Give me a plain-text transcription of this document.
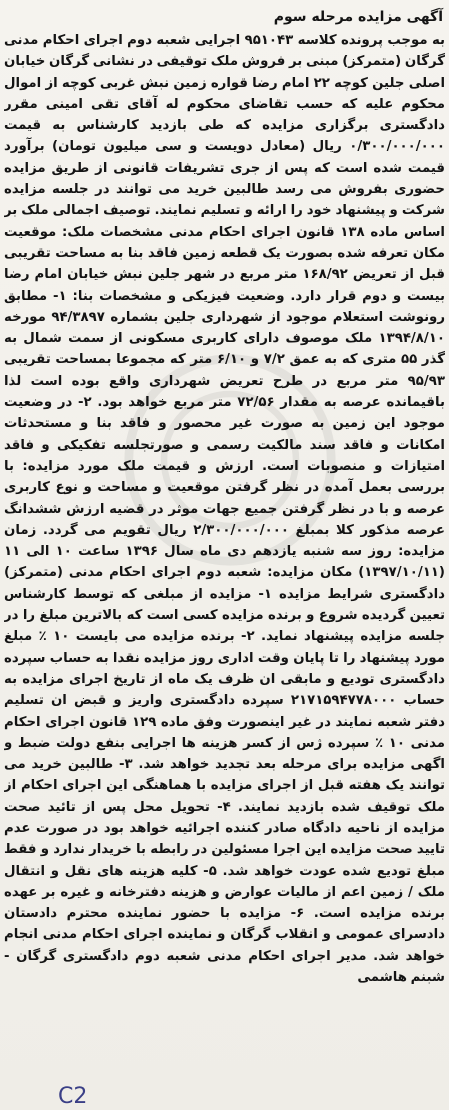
آگهی مزایده مرحله سوم

به موجب پرونده کلاسه ۹۵۱۰۴۳ اجرایی شعبه دوم اجرای احکام مدنی گرگان (متمرکز) مبنی بر فروش ملک توقیفی در نشانی گرگان خیابان اصلی جلین کوچه ۲۲ امام رضا قواره زمین نبش غربی کوچه از اموال محکوم علیه که حسب تقاضای محکوم له آقای تقی امینی مقرر دادگستری برگزاری مزایده که طی بازدید کارشناس به قیمت ۰/۳۰۰/۰۰۰/۰۰۰ ریال (معادل دویست و سی میلیون تومان) برآورد قیمت شده است که پس از جری تشریفات قانونی از طریق مزایده حضوری بفروش می رسد طالبین خرید می توانند در جلسه مزایده شرکت و پیشنهاد خود را ارائه و تسلیم نمایند. توصیف اجمالی ملک بر اساس ماده ۱۳۸ قانون اجرای احکام مدنی مشخصات ملک: موقعیت مکان تعرفه شده بصورت یک قطعه زمین فاقد بنا به مساحت تقریبی قبل از تعریض ۱۶۸/۹۲ متر مربع در شهر جلین نبش خیابان امام رضا بیست و دوم قرار دارد. وضعیت فیزیکی و مشخصات بنا: ۱- مطابق رونوشت استعلام موجود از شهرداری جلین بشماره ۹۴/۳۸۹۷ مورخه ۱۳۹۴/۸/۱۰ ملک موصوف دارای کاربری مسکونی از سمت شمال به گذر ۵۵ متری که به عمق ۷/۲ و ۶/۱۰ متر که مجموعا بمساحت تقریبی ۹۵/۹۳ متر مربع در طرح تعریض شهرداری واقع بوده است لذا باقیمانده عرصه به مقدار ۷۲/۵۶ متر مربع خواهد بود. ۲- در وضعیت موجود این زمین به صورت غیر محصور و فاقد بنا و مستحدثات امکانات و فاقد سند مالکیت رسمی و صورتجلسه تفکیکی و فاقد امتیازات و منصوبات است. ارزش و قیمت ملک مورد مزایده: با بررسی بعمل آمده در نظر گرفتن موقعیت و مساحت و نوع کاربری عرصه و با در نظر گرفتن جمیع جهات موثر در قضیه ارزش ششدانگ عرصه مذکور کلا بمبلغ ۲/۳۰۰/۰۰۰/۰۰۰ ریال تقویم می گردد. زمان مزایده: روز سه شنبه یازدهم دی ماه سال ۱۳۹۶ ساعت ۱۰ الی ۱۱ (۱۳۹۷/۱۰/۱۱) مکان مزایده: شعبه دوم اجرای احکام مدنی (متمرکز) دادگستری شرایط مزایده ۱- مزایده از مبلغی که توسط کارشناس تعیین گردیده شروع و برنده مزایده کسی است که بالاترین مبلغ را در جلسه مزایده پیشنهاد نماید. ۲- برنده مزایده می بایست ۱۰ ٪ مبلغ مورد پیشنهاد را تا پایان وقت اداری روز مزایده نقدا به حساب سپرده دادگستری تودیع و مابقی ان ظرف یک ماه از تاریخ اجرای مزایده به حساب ۲۱۷۱۵۹۴۷۷۸۰۰۰ سپرده دادگستری واریز و قبض ان تسلیم دفتر شعبه نمایند در غیر اینصورت وفق ماده ۱۲۹ قانون اجرای احکام مدنی ۱۰ ٪ سپرده ژس از کسر هزینه ها اجرایی بنفع دولت ضبط و اگهی مزایده برای مرحله بعد تجدید خواهد شد. ۳- طالبین خرید می توانند یک هفته قبل از اجرای مزایده با هماهنگی این اجرای احکام از ملک توقیف شده بازدید نمایند. ۴- تحویل محل پس از تائید صحت مزایده از ناحیه دادگاه صادر کننده اجرائیه خواهد بود در صورت عدم تایید صحت مزایده این اجرا مسئولین در رابطه با خریدار ندارد و فقط مبلغ تودیع شده عودت خواهد شد. ۵- کلیه هزینه های نقل و انتقال ملک / زمین اعم از مالیات عوارض و هزینه دفترخانه و غیره بر عهده برنده مزایده است. ۶- مزایده با حضور نماینده محترم دادستان دادسرای عمومی و انقلاب گرگان و نماینده اجرای احکام مدنی انجام خواهد شد. مدیر اجرای احکام مدنی شعبه دوم دادگستری گرگان - شبنم هاشمی

C2
